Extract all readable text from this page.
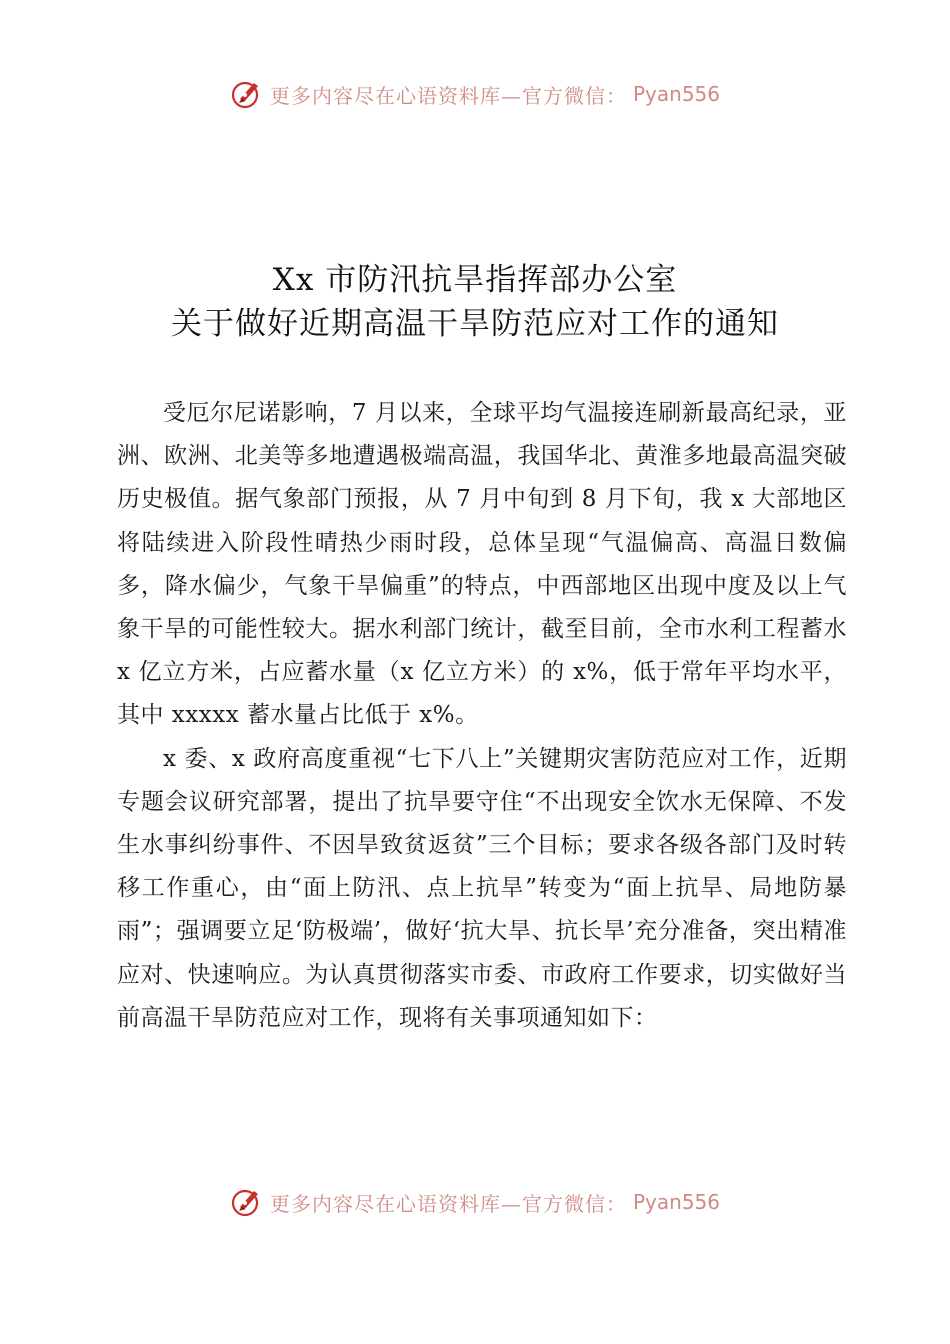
更多内容尽在心语资料库—官方微信： Pyan556
Xx 市防汛抗旱指挥部办公室
关于做好近期高温干旱防范应对工作的通知

受厄尔尼诺影响，7 月以来，全球平均气温接连刷新最高纪录，亚洲、欧洲、北美等多地遭遇极端高温，我国华北、黄淮多地最高温突破历史极值。据气象部门预报，从 7 月中旬到 8 月下旬，我 x 大部地区将陆续进入阶段性晴热少雨时段，总体呈现“气温偏高、高温日数偏多，降水偏少，气象干旱偏重”的特点，中西部地区出现中度及以上气象干旱的可能性较大。据水利部门统计，截至目前，全市水利工程蓄水 x 亿立方米，占应蓄水量（x 亿立方米）的 x%，低于常年平均水平，其中 xxxxx 蓄水量占比低于 x%。

x 委、x 政府高度重视“七下八上”关键期灾害防范应对工作，近期专题会议研究部署，提出了抗旱要守住“不出现安全饮水无保障、不发生水事纠纷事件、不因旱致贫返贫”三个目标；要求各级各部门及时转移工作重心，由“面上防汛、点上抗旱”转变为“面上抗旱、局地防暴雨”；强调要立足‘防极端’，做好‘抗大旱、抗长旱’充分准备，突出精准应对、快速响应。为认真贯彻落实市委、市政府工作要求，切实做好当前高温干旱防范应对工作，现将有关事项通知如下：

更多内容尽在心语资料库—官方微信： Pyan556
